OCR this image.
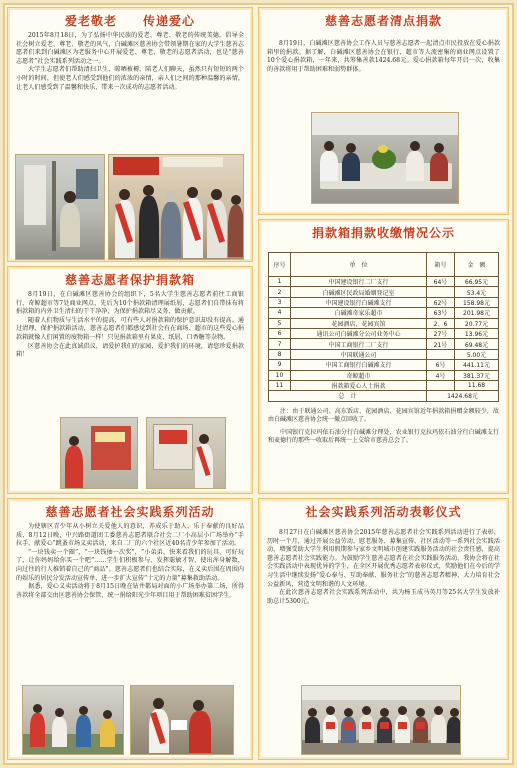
爱老敬老　　传递爱心

2015年8月18日，为了弘扬中华民族的爱老、尊老、敬老的传统美德，倡导全社会树立爱老、尊老、敬老的风气，白碱滩区慈善协会带领暑期在家的大学生慈善志愿者们来到白碱滩区为老服务中心开展爱老、尊老、敬老的志愿者活动，也是“慈善志愿者”社会实践系列活动之一。

大学生志愿者们帮助清扫卫生、晾晒被褥，陪老人们聊天，虽然只有短短的两个小时的时间，但使老人们感受到他们的浓浓的亲情，亲人们之间的那种温馨的亲情，让老人们感受到了温馨和快乐，带来一次成功的志愿者活动。

慈善志愿者清点捐款

8月19日，白碱滩区慈善协会工作人员与慈善志愿者一起清点市民投放在爱心捐款箱里的捐款。据了解，白碱滩区慈善协会在银行、超市等人流密集的商业网点设置了10个爱心捐款箱，一年来，共筹集善款1424.68元。爱心捐款箱每年开启一次，收集的善款将用于帮助困难和弱势群体。

慈善志愿者保护捐款箱

8月19日，在白碱滩区慈善协会的组织下，5名大学生慈善志愿者前往工商银行、奇鲸超市等7处商业网点，先后为10个捐款箱清理展纸屑，志愿者们自带抹布将捐款箱的内外卫生清扫的干干净净，为保护捐款箱尽义务、做贡献。

随着人们物质与生活水平的提高，可有些人对捐款箱的保护意识却没有提高。通过清理、保护捐款箱活动，慈善志愿者们都感觉到社会有在商场、超市的这些爱心捐款箱就像人们闲置的废物箱一样！只见捐款箱里有果皮、纸屑、口香糖等杂物。

区慈善协会在此真诚倡议，请爱护我们的家园，爱护我们的环境，请您珍爱捐款箱！

捐款箱捐款收缴情况公示
序号	单　位	箱号	金　额
1	中国建设银行二厂支行	64号	66.95元
2	白碱滩区民政局婚姻登记室		53.4元
3	中国建设银行白碱滩支行	62号	158.98元
4	白碱滩奇家乐超市	63号	201.98元
5	花园酒店、花园宾馆	2、6	20.77元
6	通讯公司白碱滩分公司业务中心	27号	13.96元
7	中国工商银行二厂支行	21号	69.48元
8	中国联通公司		5.00元
9	中国工商银行白碱滩支行	6号	441.11元
10	奇鲸超市	4号	381.37元
11	捐款箱爱心人士捐款		11.68
总　计		1424.68元	

注：由于联通公司、高东饭店、花园酒店、花园宾馆近年捐款箱捐赠金额较少，故由白碱滩区慈善协会统一撤点回收了。

中国银行克拉玛依石油分行白碱滩分理处、农业银行克拉玛依石油分行白碱滩支行和麦德行的那些一收取后再统一上交给市慈善总会了。

慈善志愿者社会实践系列活动

为使辖区青少年从小树立关爱他人的意识，养成乐于助人、乐于奉献的良好品质，8月12日晚，中兴路街道团工委慈善志愿者联合社会二厂小高层小广场举办“手拉手，献爱心”跳蚤市场义卖活动，来自二厂的六个社区近40名青少年参加了活动。

“一块钱卖一个圈”，“一块钱抽一次奖”，“小弟弟，快来看我们的玩具，可好玩了，让你妈妈给你买一个吧”……学生们积极参与、发挥聪敏才智，使出浑身解数，向过往的行人推销着自己的“商品”。慈善志愿者们也结合实际，在义卖后围在周围内的娱乐的居民分发活动宣传单，进一步扩大宣传“十元的力量”募集救助活动。

据悉，爱心义卖活动将于8月15日晚在钻井都局对面的小广场举办第二场，所得善款将全部交由区慈善协会保管，统一捐给阳光少年项目用于帮助困难贫困学生。

社会实践系列活动表彰仪式

8月27日在白碱滩区慈善协会2015年慈善志愿者社会实践系列活动进行了表彰，历时一个月，通过开展公益劳动、慰老服务、募集宣传、社区活动等一系列社会实践活动，增强受助大学生利用假期参与家乡文明城市创建实践服务活动的社会责任感，提高慈善志愿者社会实践能力。为鼓励学生慈善志愿者在社会实践服务活动，我协会将在社会实践活动中表现优异的学生，在全区开展优秀志愿者表彰仪式，奖励他们在今后的学习生活中继续发扬“爱心奉与、互助奉献、服务社会”的慈善志愿者精神，大力培育社会公益新风，营造文明和谐的人文环境。

在此次慈善志愿者社会实践系列活动中，共为杨玉成马英月等25名大学生发放补助总计5300元。
